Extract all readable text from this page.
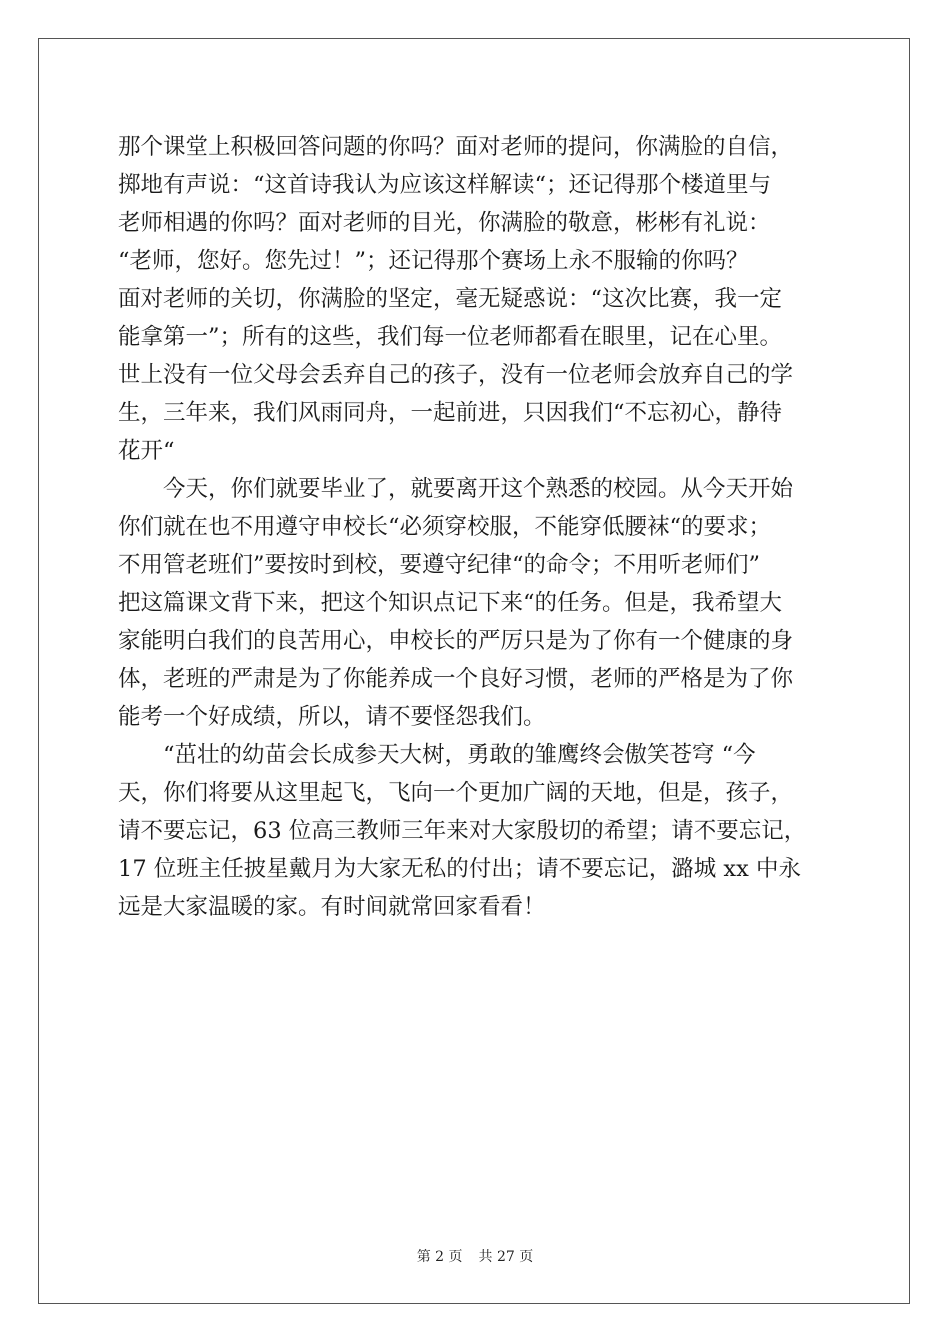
那个课堂上积极回答问题的你吗？面对老师的提问，你满脸的自信，

掷地有声说：“这首诗我认为应该这样解读“；还记得那个楼道里与

老师相遇的你吗？面对老师的目光，你满脸的敬意，彬彬有礼说：

“老师，您好。您先过！”；还记得那个赛场上永不服输的你吗？

面对老师的关切，你满脸的坚定，毫无疑惑说：“这次比赛，我一定

能拿第一”；所有的这些，我们每一位老师都看在眼里，记在心里。

世上没有一位父母会丢弃自己的孩子，没有一位老师会放弃自己的学

生，三年来，我们风雨同舟，一起前进，只因我们“不忘初心，静待

花开“

　　今天，你们就要毕业了，就要离开这个熟悉的校园。从今天开始

你们就在也不用遵守申校长“必须穿校服，不能穿低腰袜“的要求；

不用管老班们”要按时到校，要遵守纪律“的命令；不用听老师们”

把这篇课文背下来，把这个知识点记下来“的任务。但是，我希望大

家能明白我们的良苦用心，申校长的严厉只是为了你有一个健康的身

体，老班的严肃是为了你能养成一个良好习惯，老师的严格是为了你

能考一个好成绩，所以，请不要怪怨我们。

　　“茁壮的幼苗会长成参天大树，勇敢的雏鹰终会傲笑苍穹 “今

天，你们将要从这里起飞，飞向一个更加广阔的天地，但是，孩子，

请不要忘记，63 位高三教师三年来对大家殷切的希望；请不要忘记，

17 位班主任披星戴月为大家无私的付出；请不要忘记，潞城 xx 中永

远是大家温暖的家。有时间就常回家看看！

第 2 页 共 27 页
